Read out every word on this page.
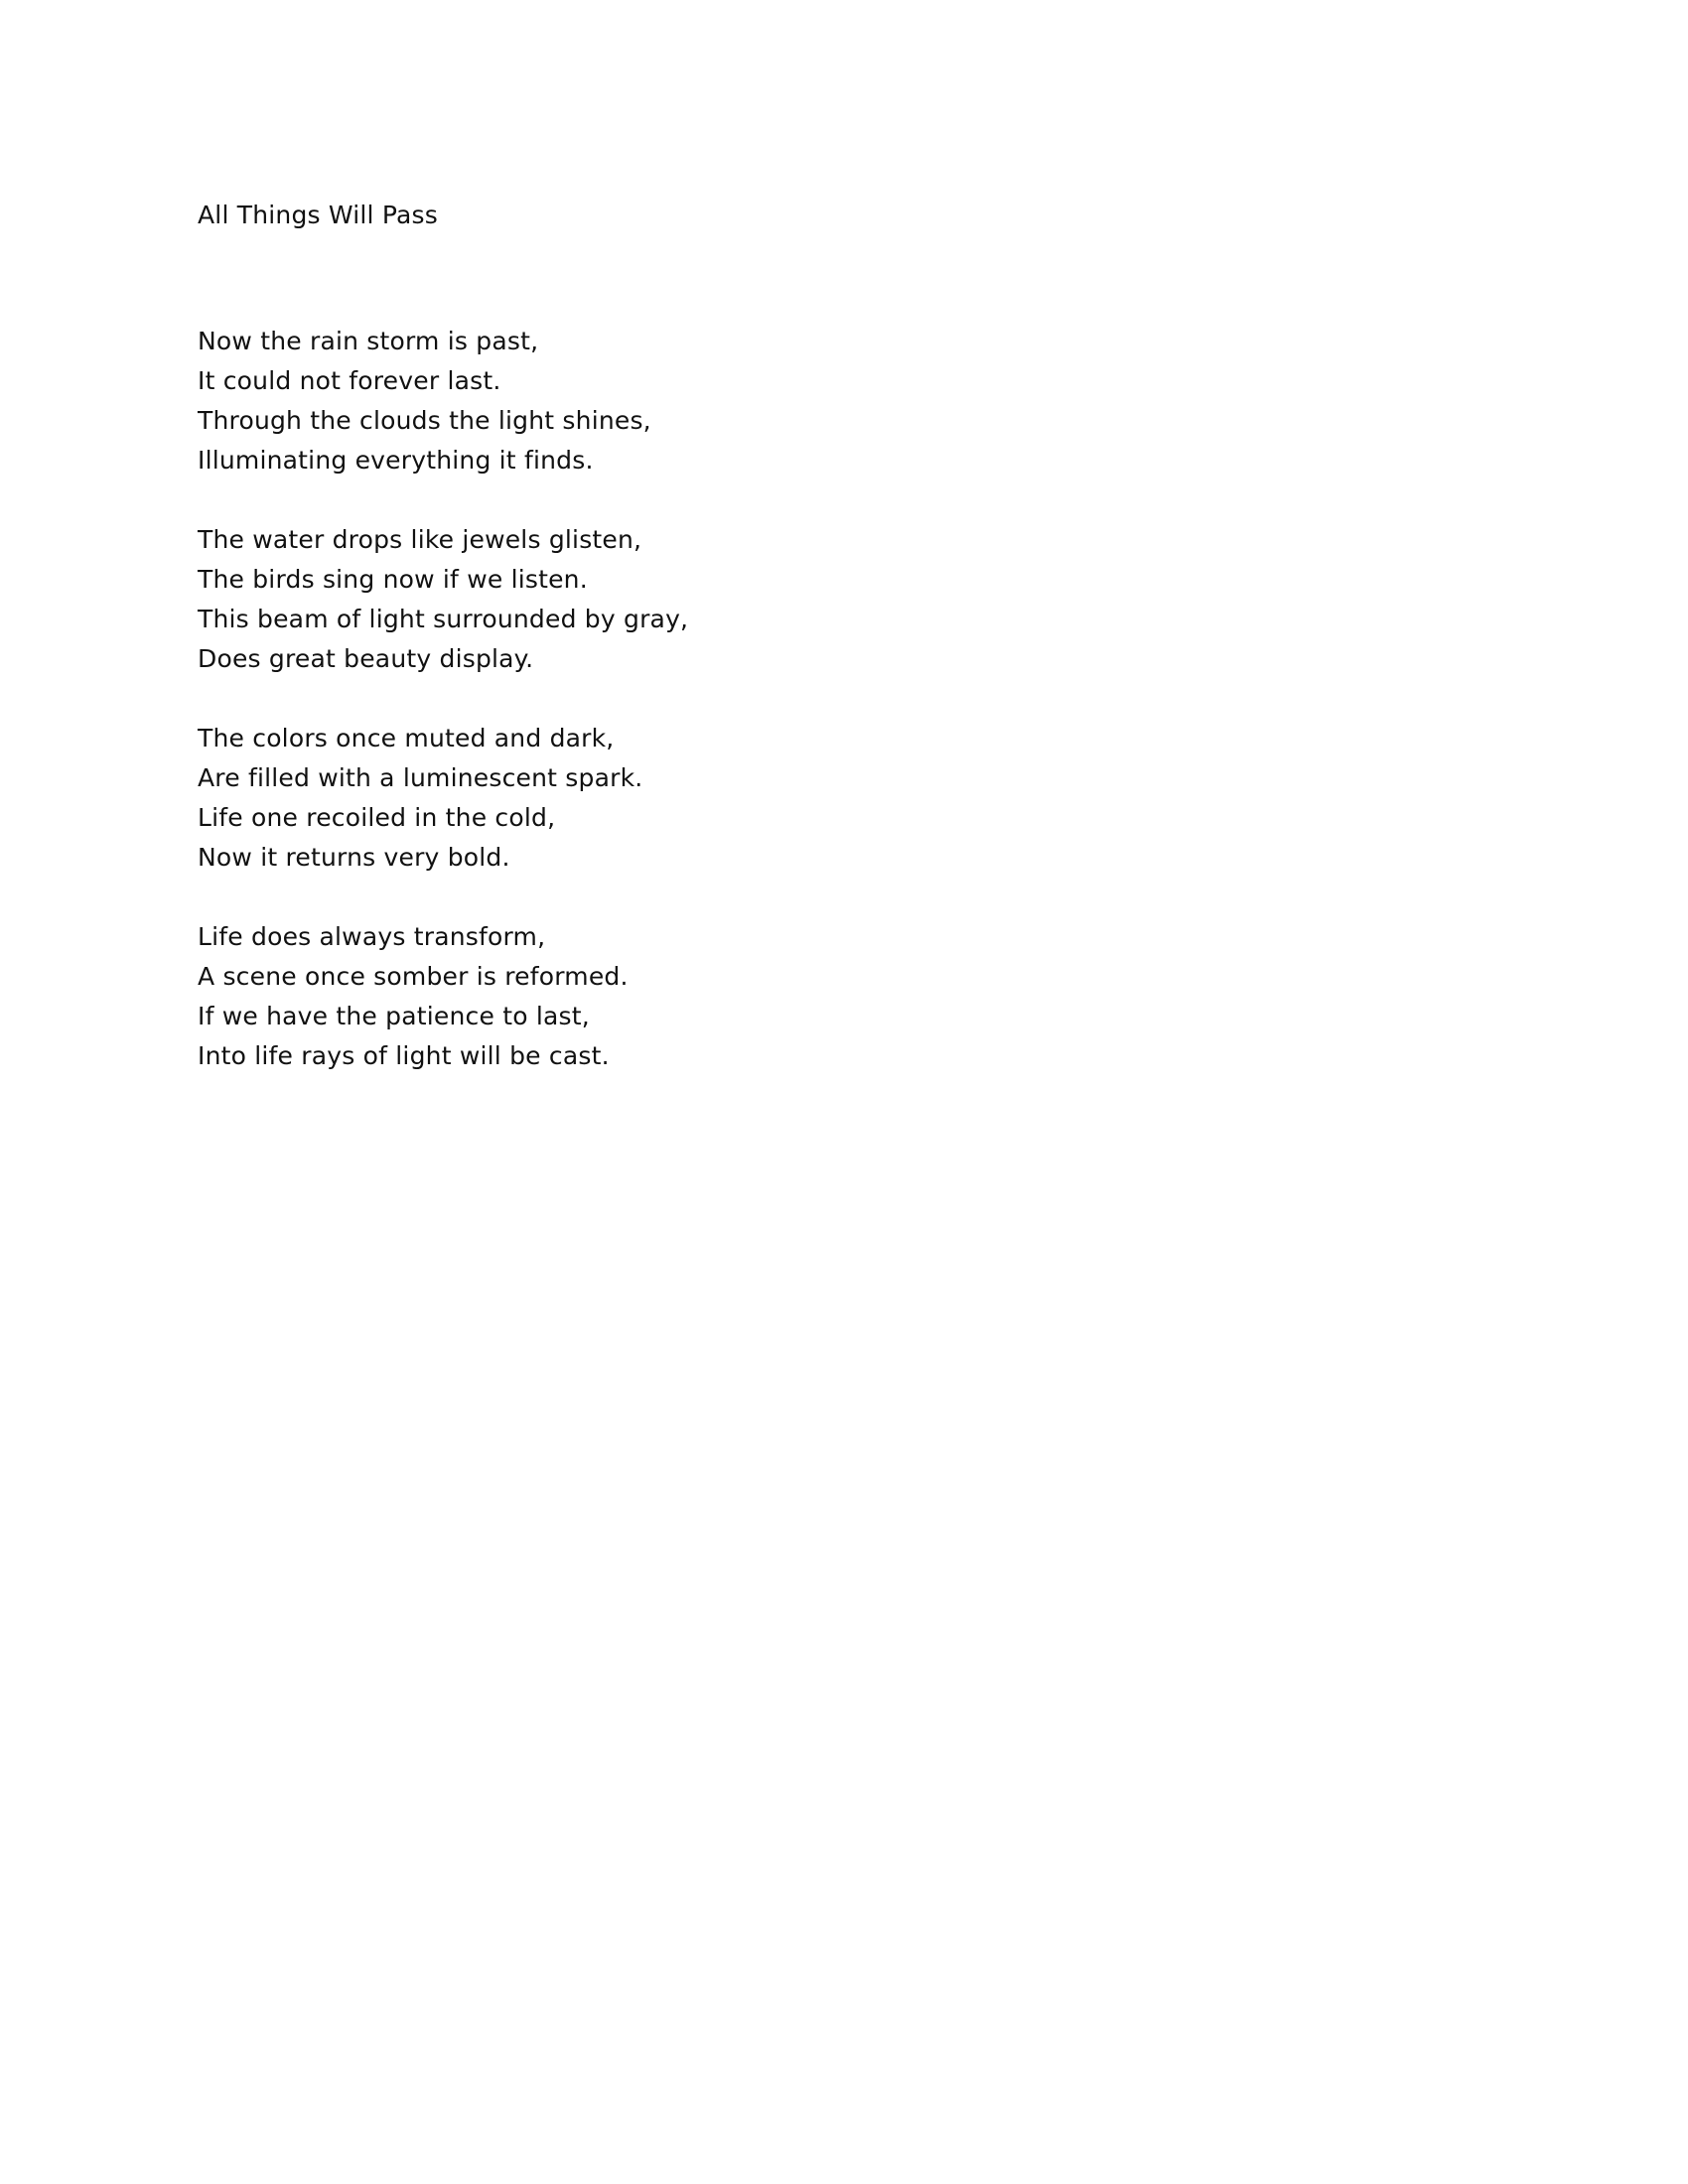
All Things Will Pass
Now the rain storm is past,
It could not forever last.
Through the clouds the light shines,
Illuminating everything it finds.
The water drops like jewels glisten,
The birds sing now if we listen.
This beam of light surrounded by gray,
Does great beauty display.
The colors once muted and dark,
Are filled with a luminescent spark.
Life one recoiled in the cold,
Now it returns very bold.
Life does always transform,
A scene once somber is reformed.
If we have the patience to last,
Into life rays of light will be cast.
